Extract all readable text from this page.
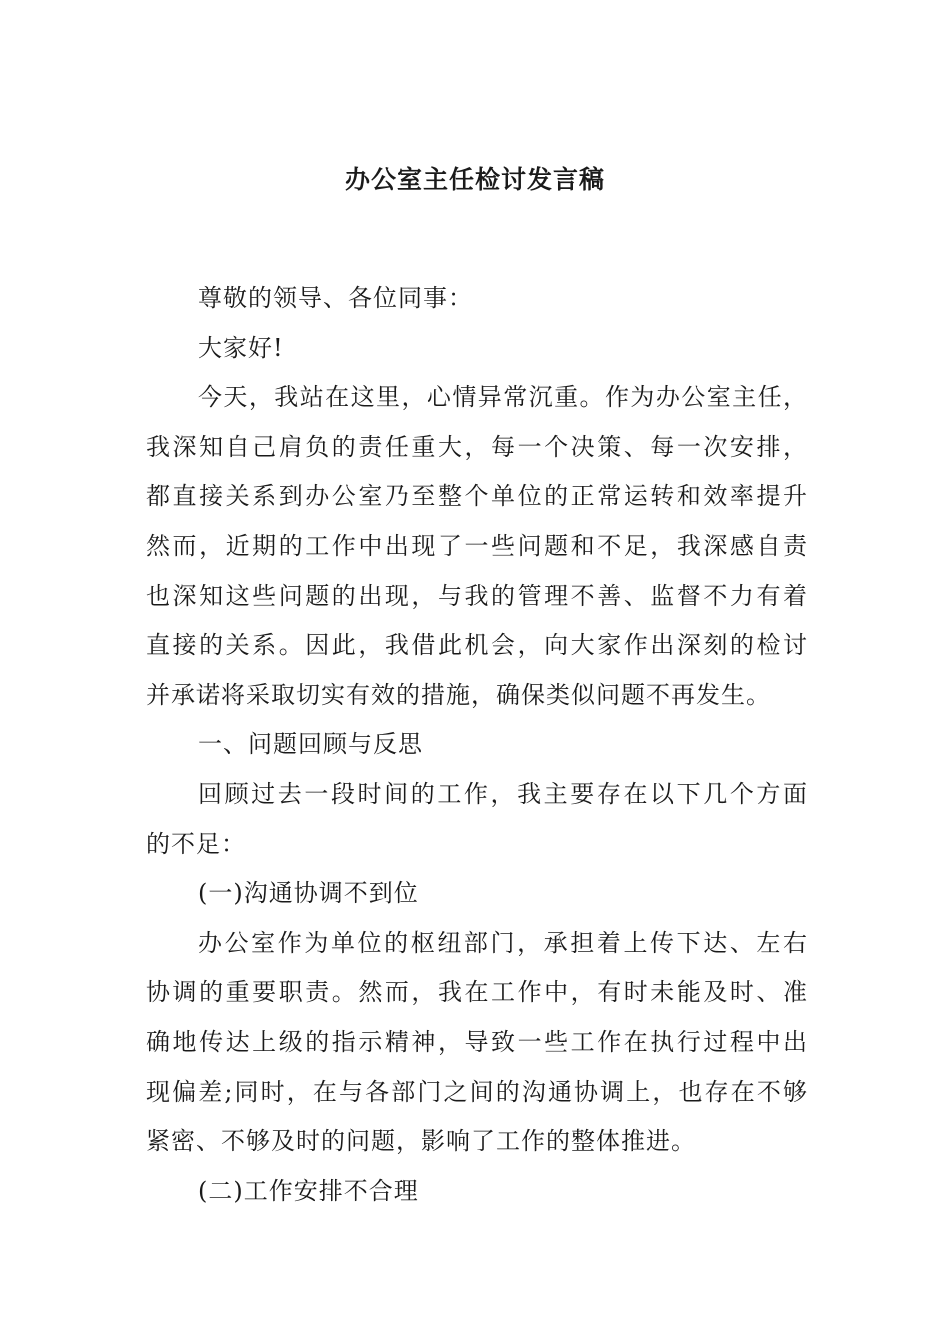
办公室主任检讨发言稿

尊敬的领导、各位同事：

大家好!

今天，我站在这里，心情异常沉重。作为办公室主任，

我深知自己肩负的责任重大，每一个决策、每一次安排，

都直接关系到办公室乃至整个单位的正常运转和效率提升

然而，近期的工作中出现了一些问题和不足，我深感自责

也深知这些问题的出现，与我的管理不善、监督不力有着

直接的关系。因此，我借此机会，向大家作出深刻的检讨

并承诺将采取切实有效的措施，确保类似问题不再发生。

一、问题回顾与反思

回顾过去一段时间的工作，我主要存在以下几个方面

的不足：

(一)沟通协调不到位

办公室作为单位的枢纽部门，承担着上传下达、左右

协调的重要职责。然而，我在工作中，有时未能及时、准

确地传达上级的指示精神，导致一些工作在执行过程中出

现偏差;同时，在与各部门之间的沟通协调上，也存在不够

紧密、不够及时的问题，影响了工作的整体推进。

(二)工作安排不合理
